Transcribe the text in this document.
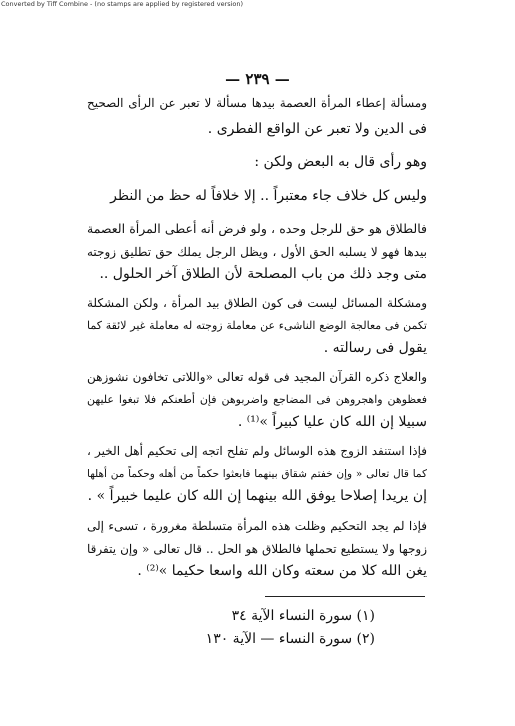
Converted by Tiff Combine - (no stamps are applied by registered version)
— ٢٣٩ —
ومسألة إعطاء المرأة العصمة بيدها مسألة لا تعبر عن الرأى الصحيح
فى الدين ولا تعبر عن الواقع الفطرى .
وهو رأى قال به البعض ولكن :
وليس كل خلاف جاء معتبراً .. إلا خلافاً له حظ من النظر
فالطلاق هو حق للرجل وحده ، ولو فرض أنه أعطى المرأة العصمة
بيدها فهو لا يسلبه الحق الأول ، ويظل الرجل يملك حق تطليق زوجته
متى وجد ذلك من باب المصلحة لأن الطلاق آخر الحلول ..
ومشكلة المسائل ليست فى كون الطلاق بيد المرأة ، ولكن المشكلة
تكمن فى معالجة الوضع الناشىء عن معاملة زوجته له معاملة غير لائقة كما
يقول فى رسالته .
والعلاج ذكره القرآن المجيد فى قوله تعالى «واللاتى تخافون نشوزهن
فعظوهن واهجروهن فى المضاجع واضربوهن فإن أطعنكم فلا تبغوا عليهن
سبيلا إن الله كان عليا كبيراً »⁽¹⁾ .
فإذا استنفد الزوج هذه الوسائل ولم تفلح اتجه إلى تحكيم أهل الخير ،
كما قال تعالى « وإن خفتم شقاق بينهما فابعثوا حكماً من أهله وحكماً من أهلها
إن يريدا إصلاحا يوفق الله بينهما إن الله كان عليما خبيراً » .
فإذا لم يجد التحكيم وظلت هذه المرأة متسلطة مغرورة ، تسىء إلى
زوجها ولا يستطيع تحملها فالطلاق هو الحل .. قال تعالى « وإن يتفرقا
يغن الله كلا من سعته وكان الله واسعا حكيما »⁽²⁾ .
(١) سورة النساء الآية ٣٤
(٢) سورة النساء — الآية ١٣٠
